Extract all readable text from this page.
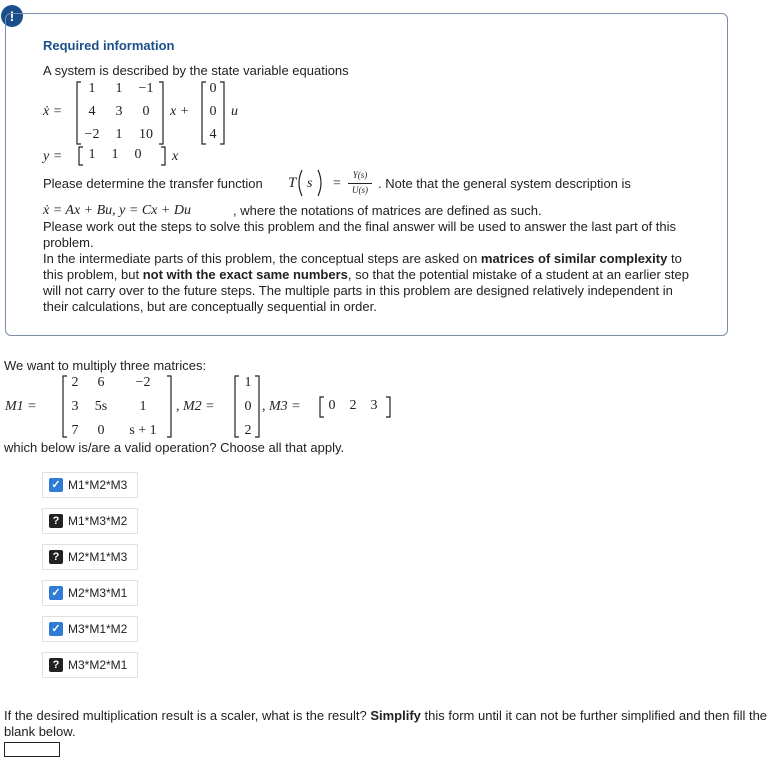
!
Required information
A system is described by the state variable equations
ẋ =
1	1	−1
4	3	0
−2	1	10
x +
0
0
4
u
y =	1	1	0	x
Please determine the transfer function T s =
Y(s)
U(s) . Note that the general system description is
ẋ = Ax + Bu, y = Cx + Du	, where the notations of matrices are defined as such.
Please work out the steps to solve this problem and the final answer will be used to answer the last part of this problem.
In the intermediate parts of this problem, the conceptual steps are asked on matrices of similar complexity to this problem, but not with the exact same numbers, so that the potential mistake of a student at an earlier step will not carry over to the future steps. The multiple parts in this problem are designed relatively independent in their calculations, but are conceptually sequential in order.
We want to multiply three matrices:
M1 =
2	6	−2
3	5s	1
7	0	s + 1
, M2 =
1
0
2
, M3 =	0	2	3
which below is/are a valid operation? Choose all that apply.
✓ M1*M2*M3
? M1*M3*M2
? M2*M1*M3
✓ M2*M3*M1
✓ M3*M1*M2
? M3*M2*M1
If the desired multiplication result is a scaler, what is the result? Simplify this form until it can not be further simplified and then fill the blank below.
